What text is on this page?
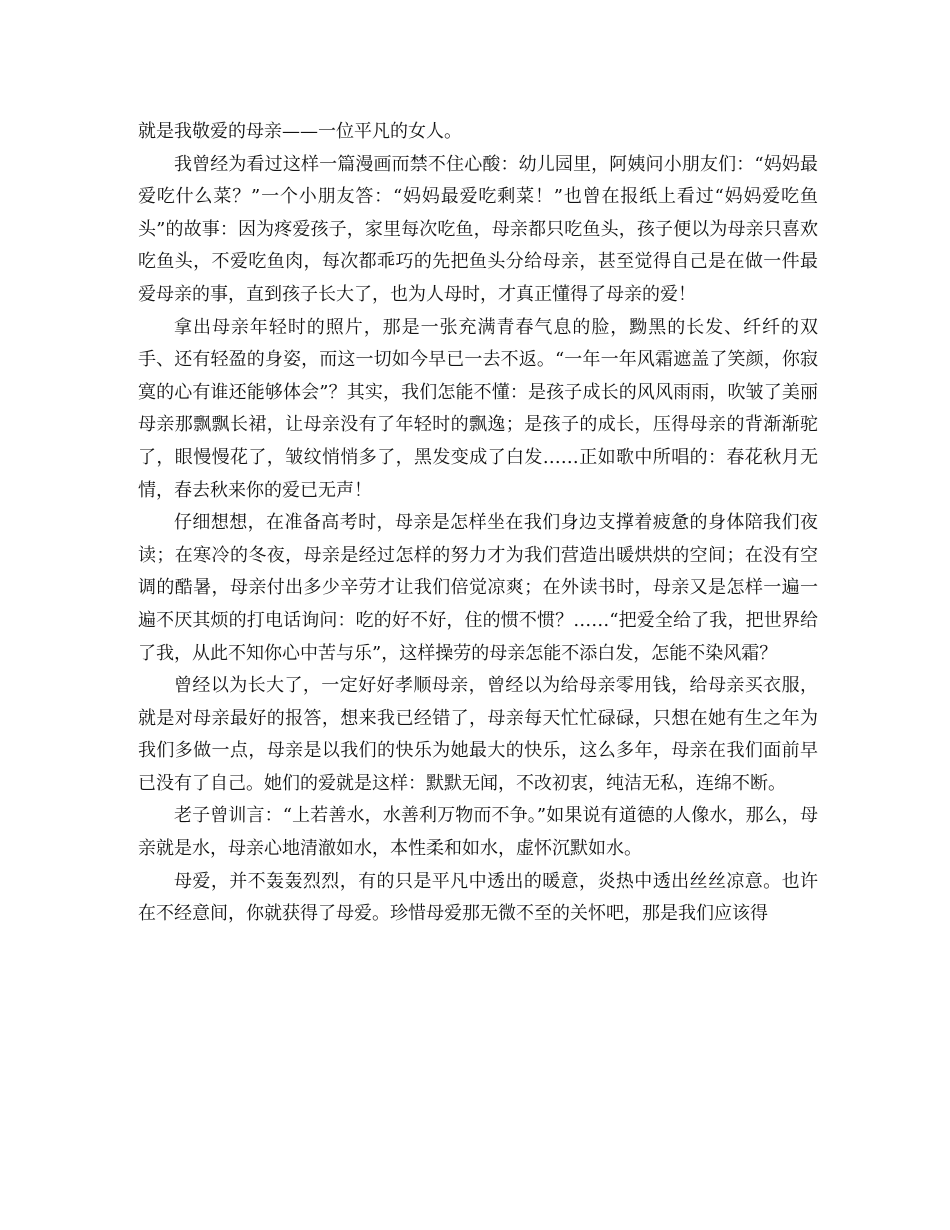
就是我敬爱的母亲——一位平凡的女人。

我曾经为看过这样一篇漫画而禁不住心酸：幼儿园里，阿姨问小朋友们：“妈妈最爱吃什么菜？”一个小朋友答：“妈妈最爱吃剩菜！”也曾在报纸上看过“妈妈爱吃鱼头”的故事：因为疼爱孩子，家里每次吃鱼，母亲都只吃鱼头，孩子便以为母亲只喜欢吃鱼头，不爱吃鱼肉，每次都乖巧的先把鱼头分给母亲，甚至觉得自己是在做一件最爱母亲的事，直到孩子长大了，也为人母时，才真正懂得了母亲的爱！

拿出母亲年轻时的照片，那是一张充满青春气息的脸，黝黑的长发、纤纤的双手、还有轻盈的身姿，而这一切如今早已一去不返。“一年一年风霜遮盖了笑颜，你寂寞的心有谁还能够体会”？其实，我们怎能不懂：是孩子成长的风风雨雨，吹皱了美丽母亲那飘飘长裙，让母亲没有了年轻时的飘逸；是孩子的成长，压得母亲的背渐渐驼了，眼慢慢花了，皱纹悄悄多了，黑发变成了白发……正如歌中所唱的：春花秋月无情，春去秋来你的爱已无声！

仔细想想，在准备高考时，母亲是怎样坐在我们身边支撑着疲惫的身体陪我们夜读；在寒冷的冬夜，母亲是经过怎样的努力才为我们营造出暖烘烘的空间；在没有空调的酷暑，母亲付出多少辛劳才让我们倍觉凉爽；在外读书时，母亲又是怎样一遍一遍不厌其烦的打电话询问：吃的好不好，住的惯不惯？……“把爱全给了我，把世界给了我，从此不知你心中苦与乐”，这样操劳的母亲怎能不添白发，怎能不染风霜？

曾经以为长大了，一定好好孝顺母亲，曾经以为给母亲零用钱，给母亲买衣服，就是对母亲最好的报答，想来我已经错了，母亲每天忙忙碌碌，只想在她有生之年为我们多做一点，母亲是以我们的快乐为她最大的快乐，这么多年，母亲在我们面前早已没有了自己。她们的爱就是这样：默默无闻，不改初衷，纯洁无私，连绵不断。

老子曾训言：“上若善水，水善利万物而不争。”如果说有道德的人像水，那么，母亲就是水，母亲心地清澈如水，本性柔和如水，虚怀沉默如水。

母爱，并不轰轰烈烈，有的只是平凡中透出的暖意，炎热中透出丝丝凉意。也许在不经意间，你就获得了母爱。珍惜母爱那无微不至的关怀吧，那是我们应该得
